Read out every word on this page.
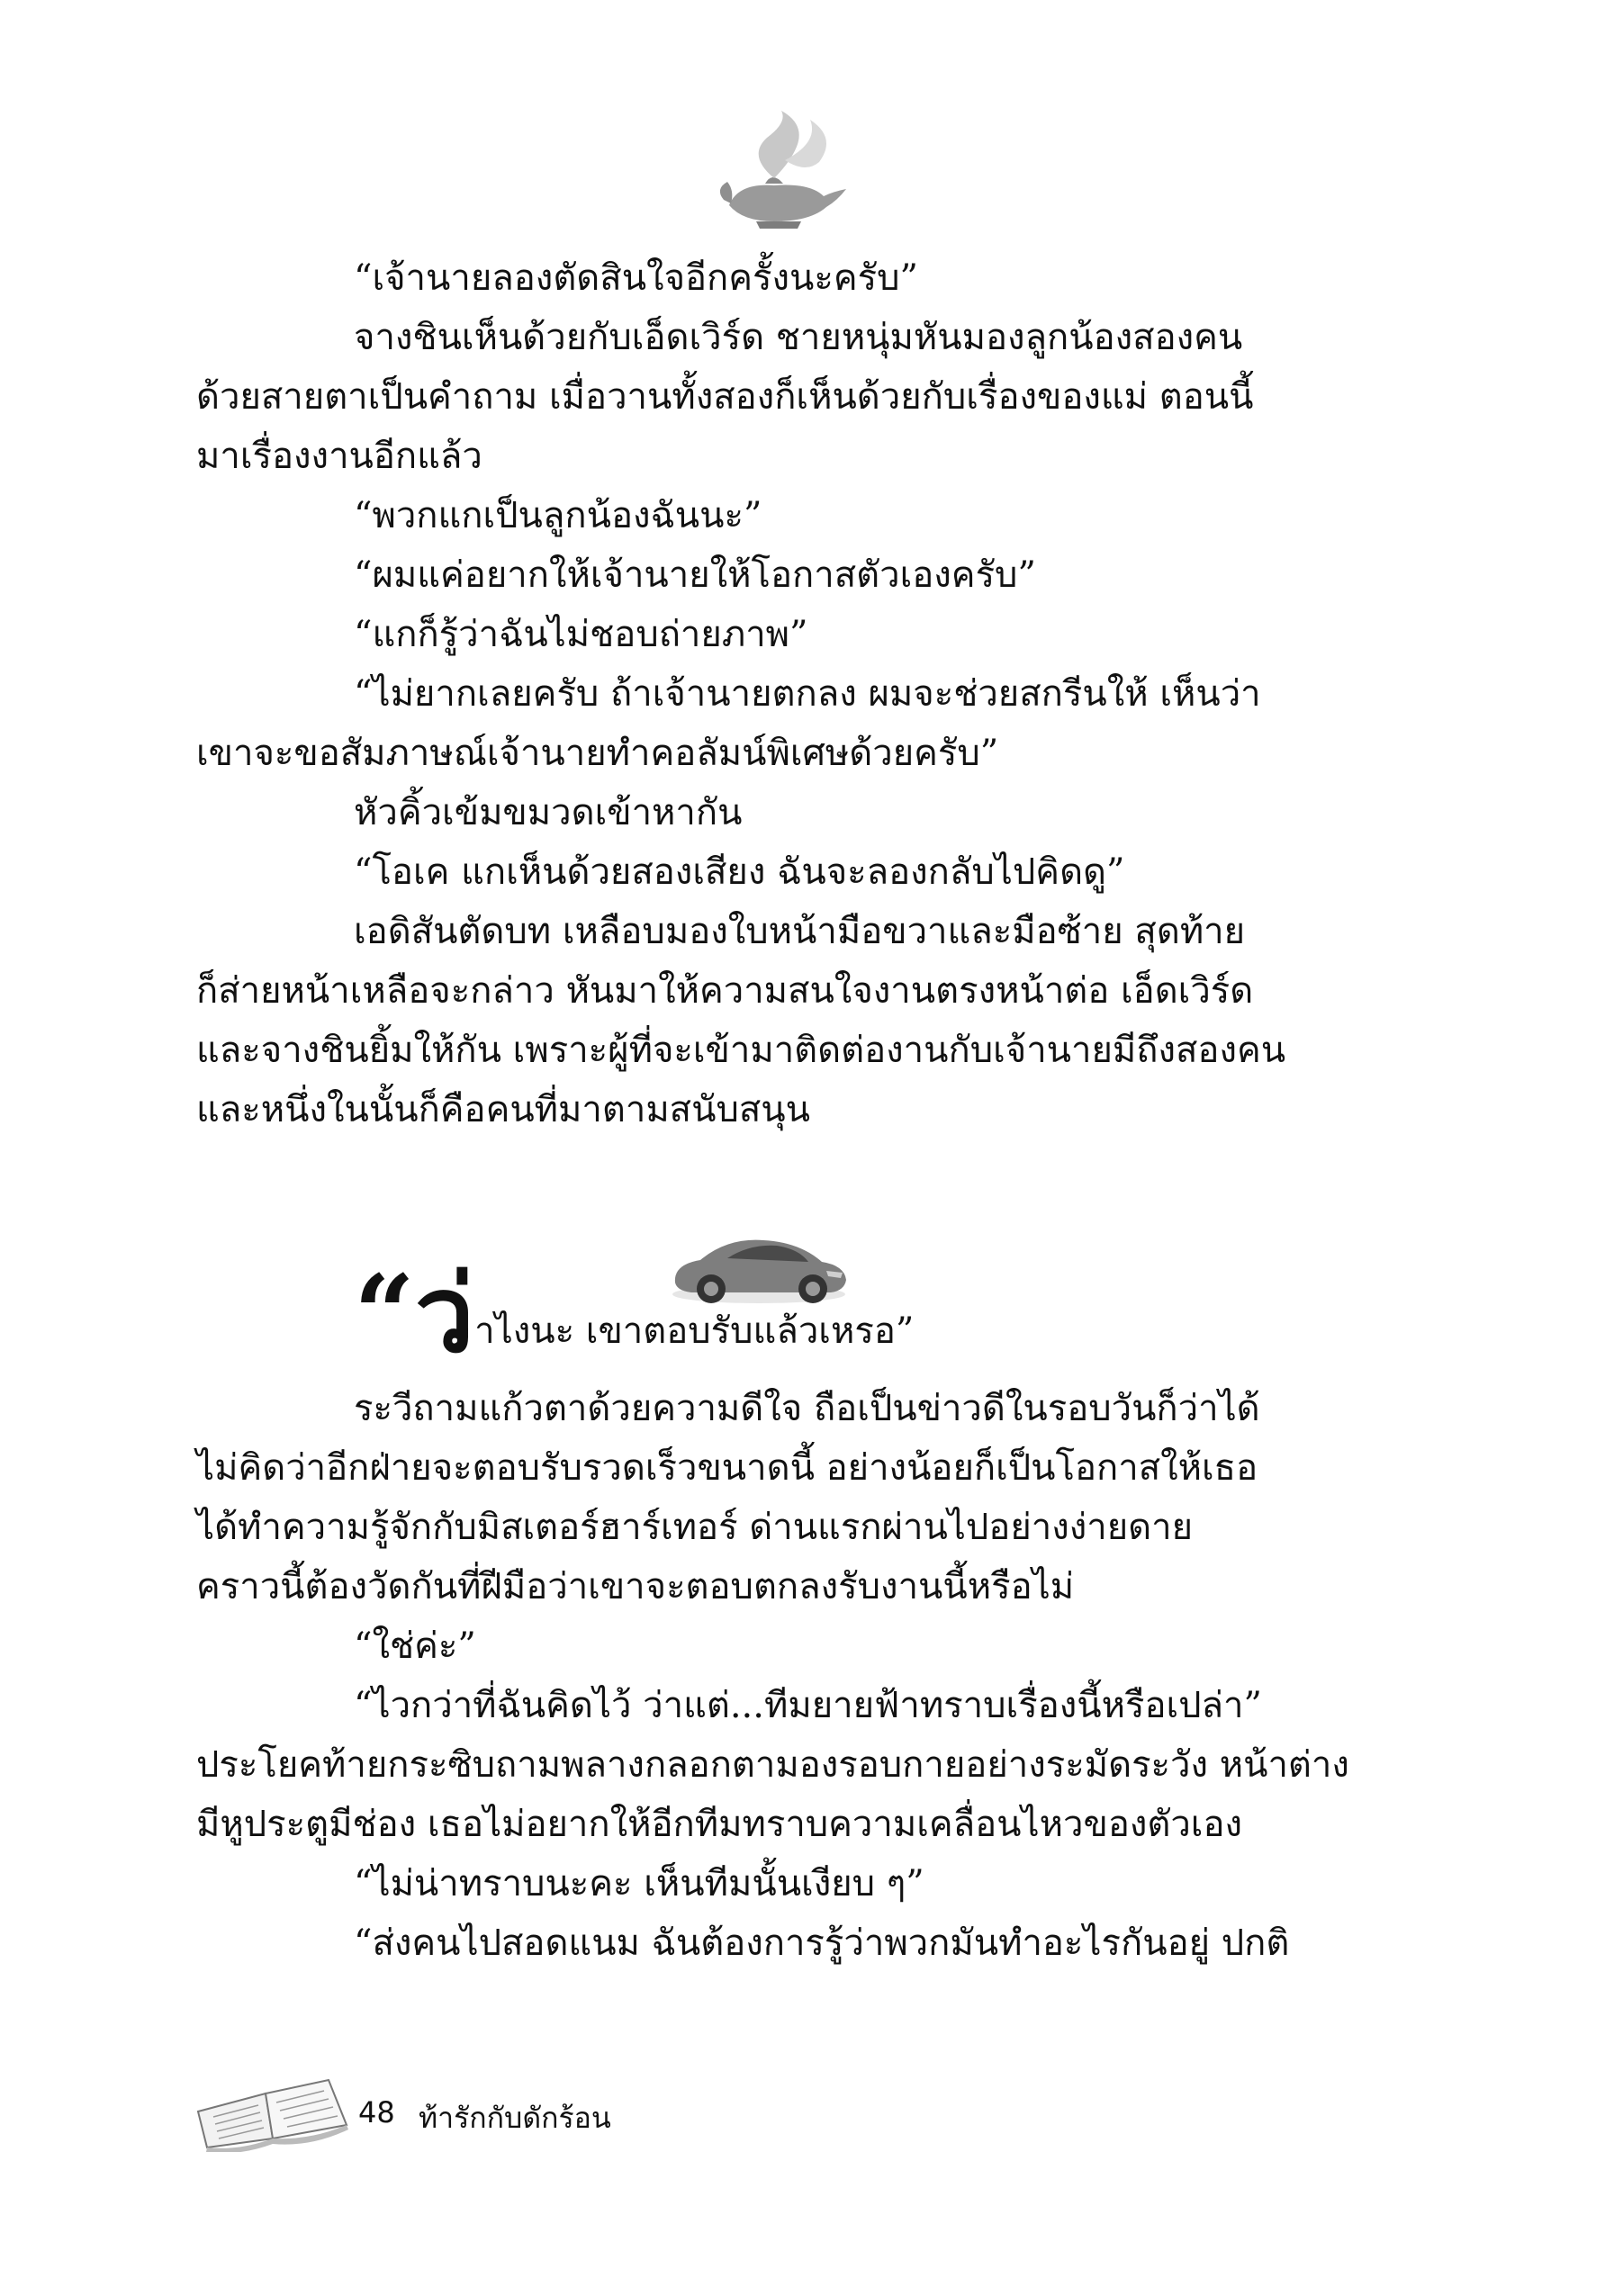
“เจ้านายลองตัดสินใจอีกครั้งนะครับ”
จางชินเห็นด้วยกับเอ็ดเวิร์ด ชายหนุ่มหันมองลูกน้องสองคน
ด้วยสายตาเป็นคำถาม เมื่อวานทั้งสองก็เห็นด้วยกับเรื่องของแม่ ตอนนี้
มาเรื่องงานอีกแล้ว
“พวกแกเป็นลูกน้องฉันนะ”
“ผมแค่อยากให้เจ้านายให้โอกาสตัวเองครับ”
“แกก็รู้ว่าฉันไม่ชอบถ่ายภาพ”
“ไม่ยากเลยครับ ถ้าเจ้านายตกลง ผมจะช่วยสกรีนให้ เห็นว่า
เขาจะขอสัมภาษณ์เจ้านายทำคอลัมน์พิเศษด้วยครับ”
หัวคิ้วเข้มขมวดเข้าหากัน
“โอเค แกเห็นด้วยสองเสียง ฉันจะลองกลับไปคิดดู”
เอดิสันตัดบท เหลือบมองใบหน้ามือขวาและมือซ้าย สุดท้าย
ก็ส่ายหน้าเหลือจะกล่าว หันมาให้ความสนใจงานตรงหน้าต่อ เอ็ดเวิร์ด
และจางชินยิ้มให้กัน เพราะผู้ที่จะเข้ามาติดต่องานกับเจ้านายมีถึงสองคน
และหนึ่งในนั้นก็คือคนที่มาตามสนับสนุน
“ว่าไงนะ เขาตอบรับแล้วเหรอ”
ระวีถามแก้วตาด้วยความดีใจ ถือเป็นข่าวดีในรอบวันก็ว่าได้
ไม่คิดว่าอีกฝ่ายจะตอบรับรวดเร็วขนาดนี้ อย่างน้อยก็เป็นโอกาสให้เธอ
ได้ทำความรู้จักกับมิสเตอร์ฮาร์เทอร์ ด่านแรกผ่านไปอย่างง่ายดาย
คราวนี้ต้องวัดกันที่ฝีมือว่าเขาจะตอบตกลงรับงานนี้หรือไม่
“ใช่ค่ะ”
“ไวกว่าที่ฉันคิดไว้ ว่าแต่...ทีมยายฟ้าทราบเรื่องนี้หรือเปล่า”
ประโยคท้ายกระซิบถามพลางกลอกตามองรอบกายอย่างระมัดระวัง หน้าต่าง
มีหูประตูมีช่อง เธอไม่อยากให้อีกทีมทราบความเคลื่อนไหวของตัวเอง
“ไม่น่าทราบนะคะ เห็นทีมนั้นเงียบ ๆ”
“ส่งคนไปสอดแนม ฉันต้องการรู้ว่าพวกมันทำอะไรกันอยู่ ปกติ
48 ท้ารักกับดักร้อน
